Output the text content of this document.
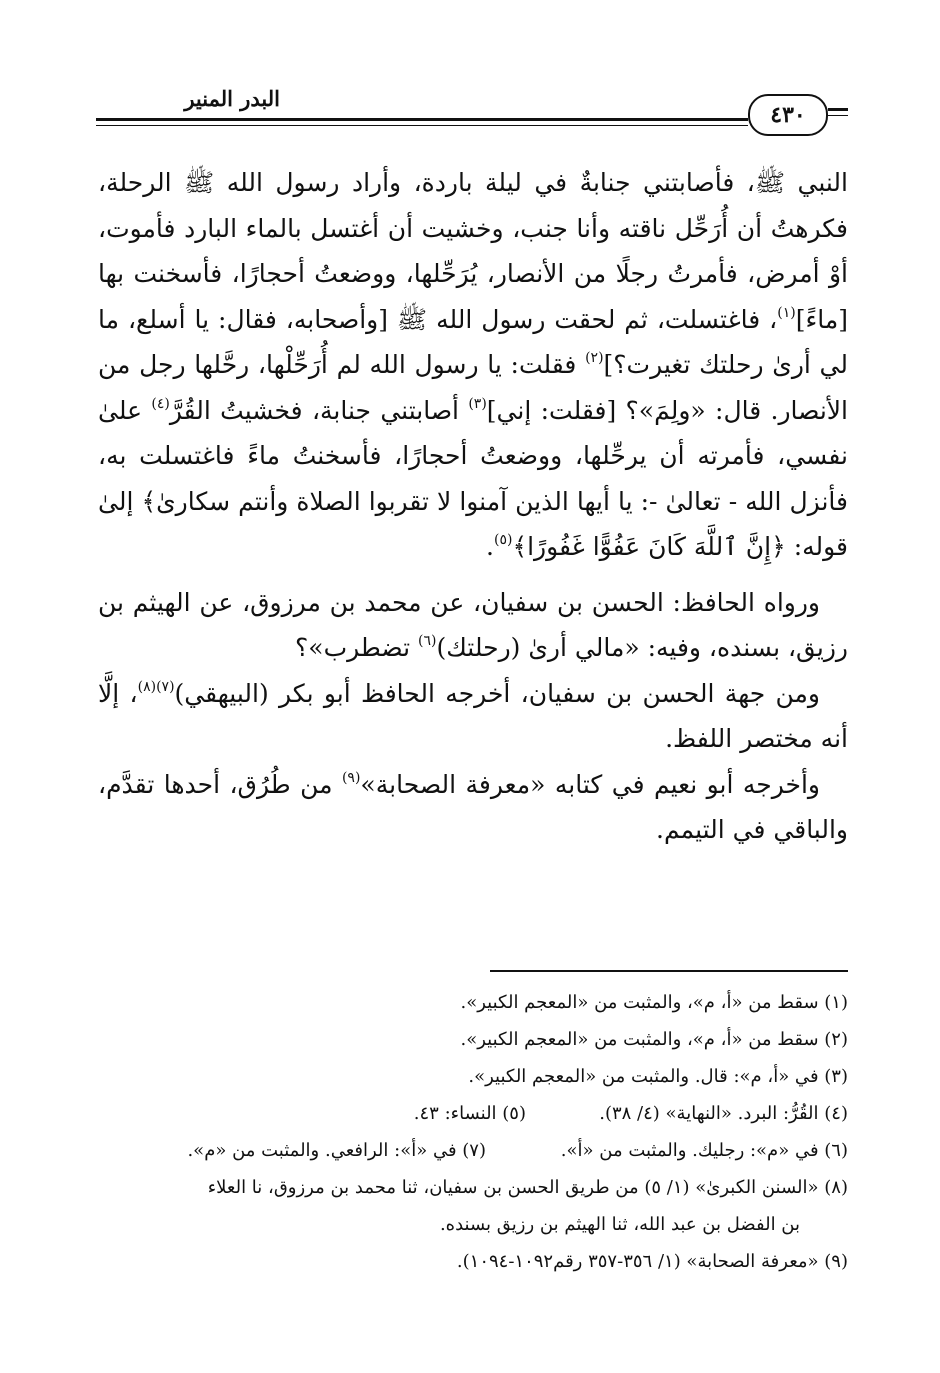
البدر المنير
٤٣٠

النبي ﷺ، فأصابتني جنابةٌ في ليلة باردة، وأراد رسول الله ﷺ الرحلة، فكرهتُ أن أُرَحِّل ناقته وأنا جنب، وخشيت أن أغتسل بالماء البارد فأموت، أوْ أمرض، فأمرتُ رجلًا من الأنصار، يُرَحِّلها، ووضعتُ أحجارًا، فأسخنت بها [ماءً]$^{(١)}$، فاغتسلت، ثم لحقت رسول الله ﷺ [وأصحابه، فقال: يا أسلع، ما لي أرىٰ رحلتك تغيرت؟]$^{(٢)}$ فقلت: يا رسول الله لم أُرَحِّلْها، رحَّلها رجل من الأنصار. قال: «ولِمَ»؟ [فقلت: إني]$^{(٣)}$ أصابتني جنابة، فخشيتُ القُرَّ$^{(٤)}$ علىٰ نفسي، فأمرته أن يرحِّلها، ووضعتُ أحجارًا، فأسخنتُ ماءً فاغتسلت به، فأنزل الله - تعالىٰ -: يا أيها الذين آمنوا لا تقربوا الصلاة وأنتم سكارىٰ﴾ إلىٰ قوله: ﴿إِنَّ ٱللَّهَ كَانَ عَفُوًّا غَفُورًا﴾$^{(٥)}$.

ورواه الحافظ: الحسن بن سفيان، عن محمد بن مرزوق، عن الهيثم بن رزيق، بسنده، وفيه: «مالي أرىٰ (رحلتك)$^{(٦)}$ تضطرب»؟

ومن جهة الحسن بن سفيان، أخرجه الحافظ أبو بكر (البيهقي)$^{(٧)(٨)}$، إلَّا أنه مختصر اللفظ.

وأخرجه أبو نعيم في كتابه «معرفة الصحابة»$^{(٩)}$ من طُرُق، أحدها تقدَّم، والباقي في التيمم.

(١) سقط من «أ، م»، والمثبت من «المعجم الكبير».
(٢) سقط من «أ، م»، والمثبت من «المعجم الكبير».
(٣) في «أ، م»: قال. والمثبت من «المعجم الكبير».
(٤) القُرُّ: البرد. «النهاية» (٤/ ٣٨).
(٥) النساء: ٤٣.
(٦) في «م»: رجليك. والمثبت من «أ».
(٧) في «أ»: الرافعي. والمثبت من «م».
(٨) «السنن الكبرىٰ» (١/ ٥) من طريق الحسن بن سفيان، ثنا محمد بن مرزوق، نا العلاء
بن الفضل بن عبد الله، ثنا الهيثم بن رزيق بسنده.
(٩) «معرفة الصحابة» (١/ ٣٥٦-٣٥٧ رقم١٠٩٢-١٠٩٤).
